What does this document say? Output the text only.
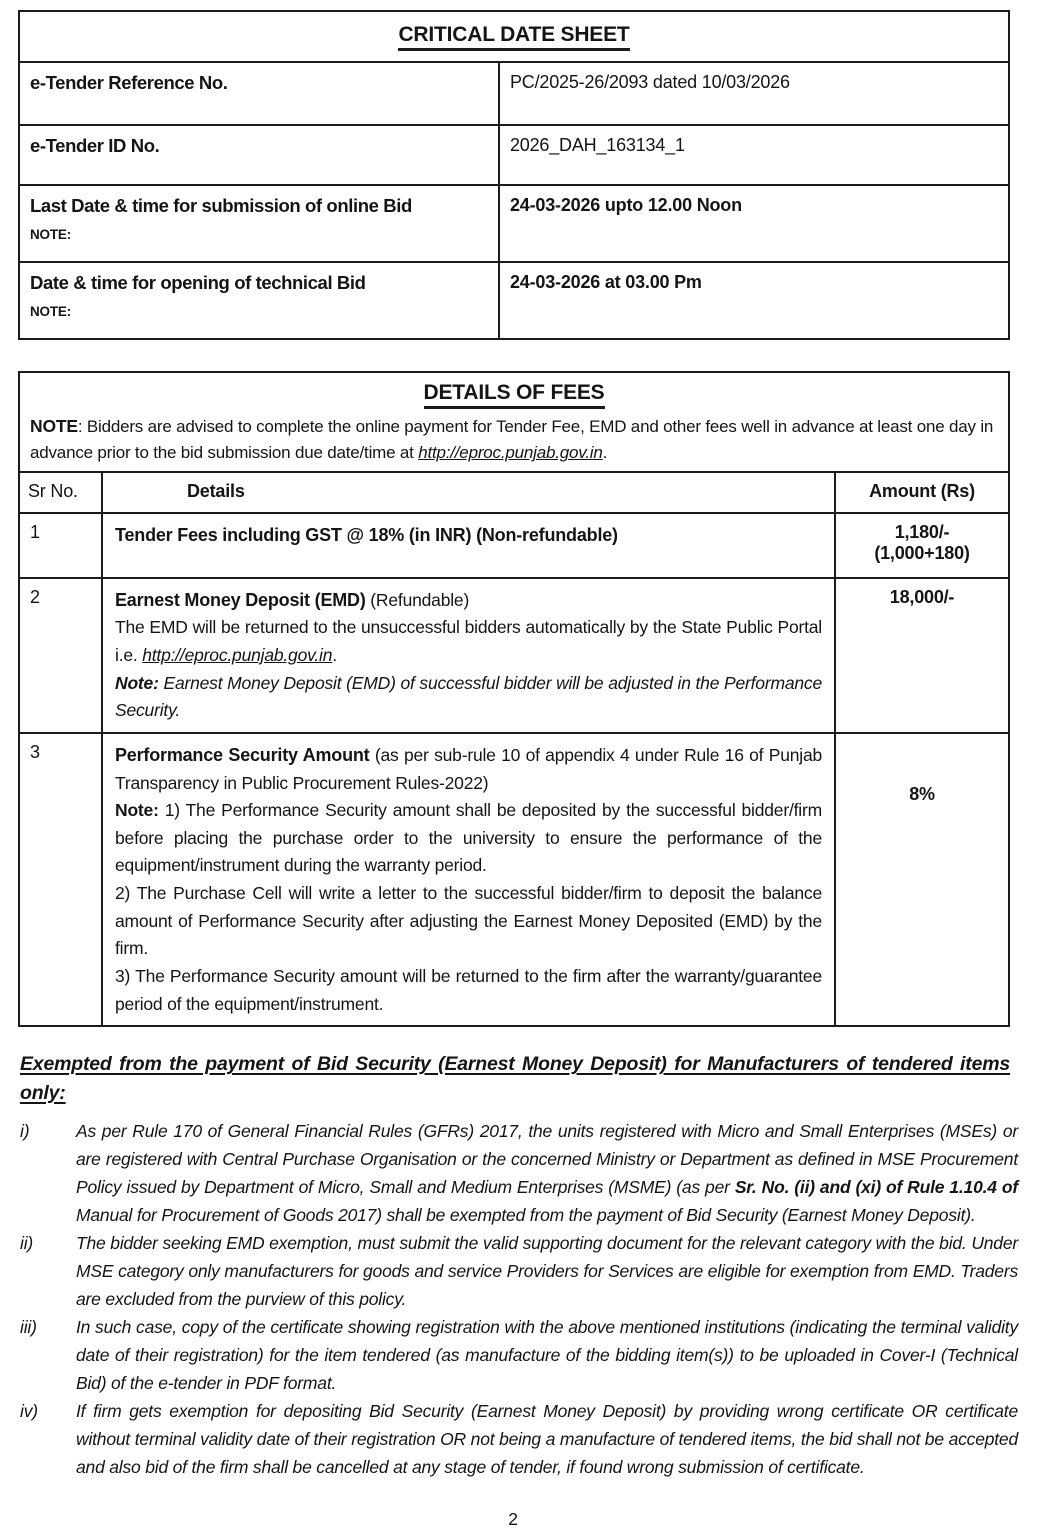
CRITICAL DATE SHEET	

e-Tender Reference No.	PC/2025-26/2093 dated 10/03/2026

e-Tender ID No.	2026_DAH_163134_1

Last Date & time for submission of online Bid
NOTE:	24-03-2026 upto 12.00 Noon

Date & time for opening of technical Bid
NOTE:	24-03-2026 at 03.00 Pm
DETAILS OF FEES
NOTE: Bidders are advised to complete the online payment for Tender Fee, EMD and other fees well in advance at least one day in advance prior to the bid submission due date/time at http://eproc.punjab.gov.in.		

Sr No.	Details	Amount (Rs)
1	Tender Fees including GST @ 18% (in INR) (Non-refundable)	1,180/-
(1,000+180)

2	Earnest Money Deposit (EMD) (Refundable)

The EMD will be returned to the unsuccessful bidders automatically by the State Public Portal i.e. http://eproc.punjab.gov.in.

Note: Earnest Money Deposit (EMD) of successful bidder will be adjusted in the Performance Security.	18,000/-
3	Performance Security Amount (as per sub-rule 10 of appendix 4 under Rule 16 of Punjab Transparency in Public Procurement Rules-2022)

Note: 1) The Performance Security amount shall be deposited by the successful bidder/firm before placing the purchase order to the university to ensure the performance of the equipment/instrument during the warranty period.

2) The Purchase Cell will write a letter to the successful bidder/firm to deposit the balance amount of Performance Security after adjusting the Earnest Money Deposited (EMD) by the firm.

3) The Performance Security amount will be returned to the firm after the warranty/guarantee period of the equipment/instrument.	8%
Exempted from the payment of Bid Security (Earnest Money Deposit) for Manufacturers of tendered items only:
i)	As per Rule 170 of General Financial Rules (GFRs) 2017, the units registered with Micro and Small Enterprises (MSEs) or are registered with Central Purchase Organisation or the concerned Ministry or Department as defined in MSE Procurement Policy issued by Department of Micro, Small and Medium Enterprises (MSME) (as per Sr. No. (ii) and (xi) of Rule 1.10.4 of Manual for Procurement of Goods 2017) shall be exempted from the payment of Bid Security (Earnest Money Deposit).
ii)	The bidder seeking EMD exemption, must submit the valid supporting document for the relevant category with the bid. Under MSE category only manufacturers for goods and service Providers for Services are eligible for exemption from EMD. Traders are excluded from the purview of this policy.
iii)	In such case, copy of the certificate showing registration with the above mentioned institutions (indicating the terminal validity date of their registration) for the item tendered (as manufacture of the bidding item(s)) to be uploaded in Cover-I (Technical Bid) of the e-tender in PDF format.
iv)	If firm gets exemption for depositing Bid Security (Earnest Money Deposit) by providing wrong certificate OR certificate without terminal validity date of their registration OR not being a manufacture of tendered items, the bid shall not be accepted and also bid of the firm shall be cancelled at any stage of tender, if found wrong submission of certificate.
2
